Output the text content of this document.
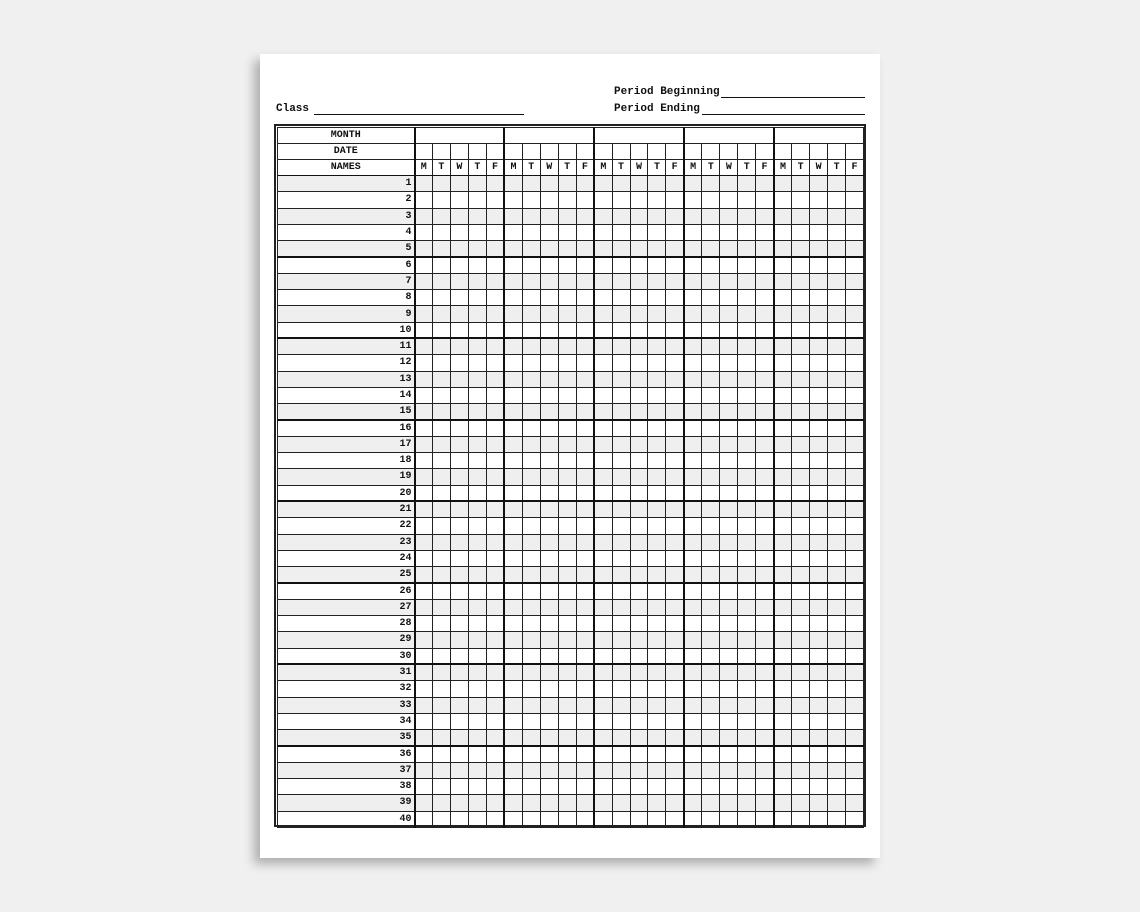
Period Beginning
Class	Period Ending
MONTH																									
DATE																									
NAMES	M	T	W	T	F	M	T	W	T	F	M	T	W	T	F	M	T	W	T	F	M	T	W	T	F
1																									
2																									
3																									
4																									
5																									
6																									
7																									
8																									
9																									
10																									
11																									
12																									
13																									
14																									
15																									
16																									
17																									
18																									
19																									
20																									
21																									
22																									
23																									
24																									
25																									
26																									
27																									
28																									
29																									
30																									
31																									
32																									
33																									
34																									
35																									
36																									
37																									
38																									
39																									
40																									
